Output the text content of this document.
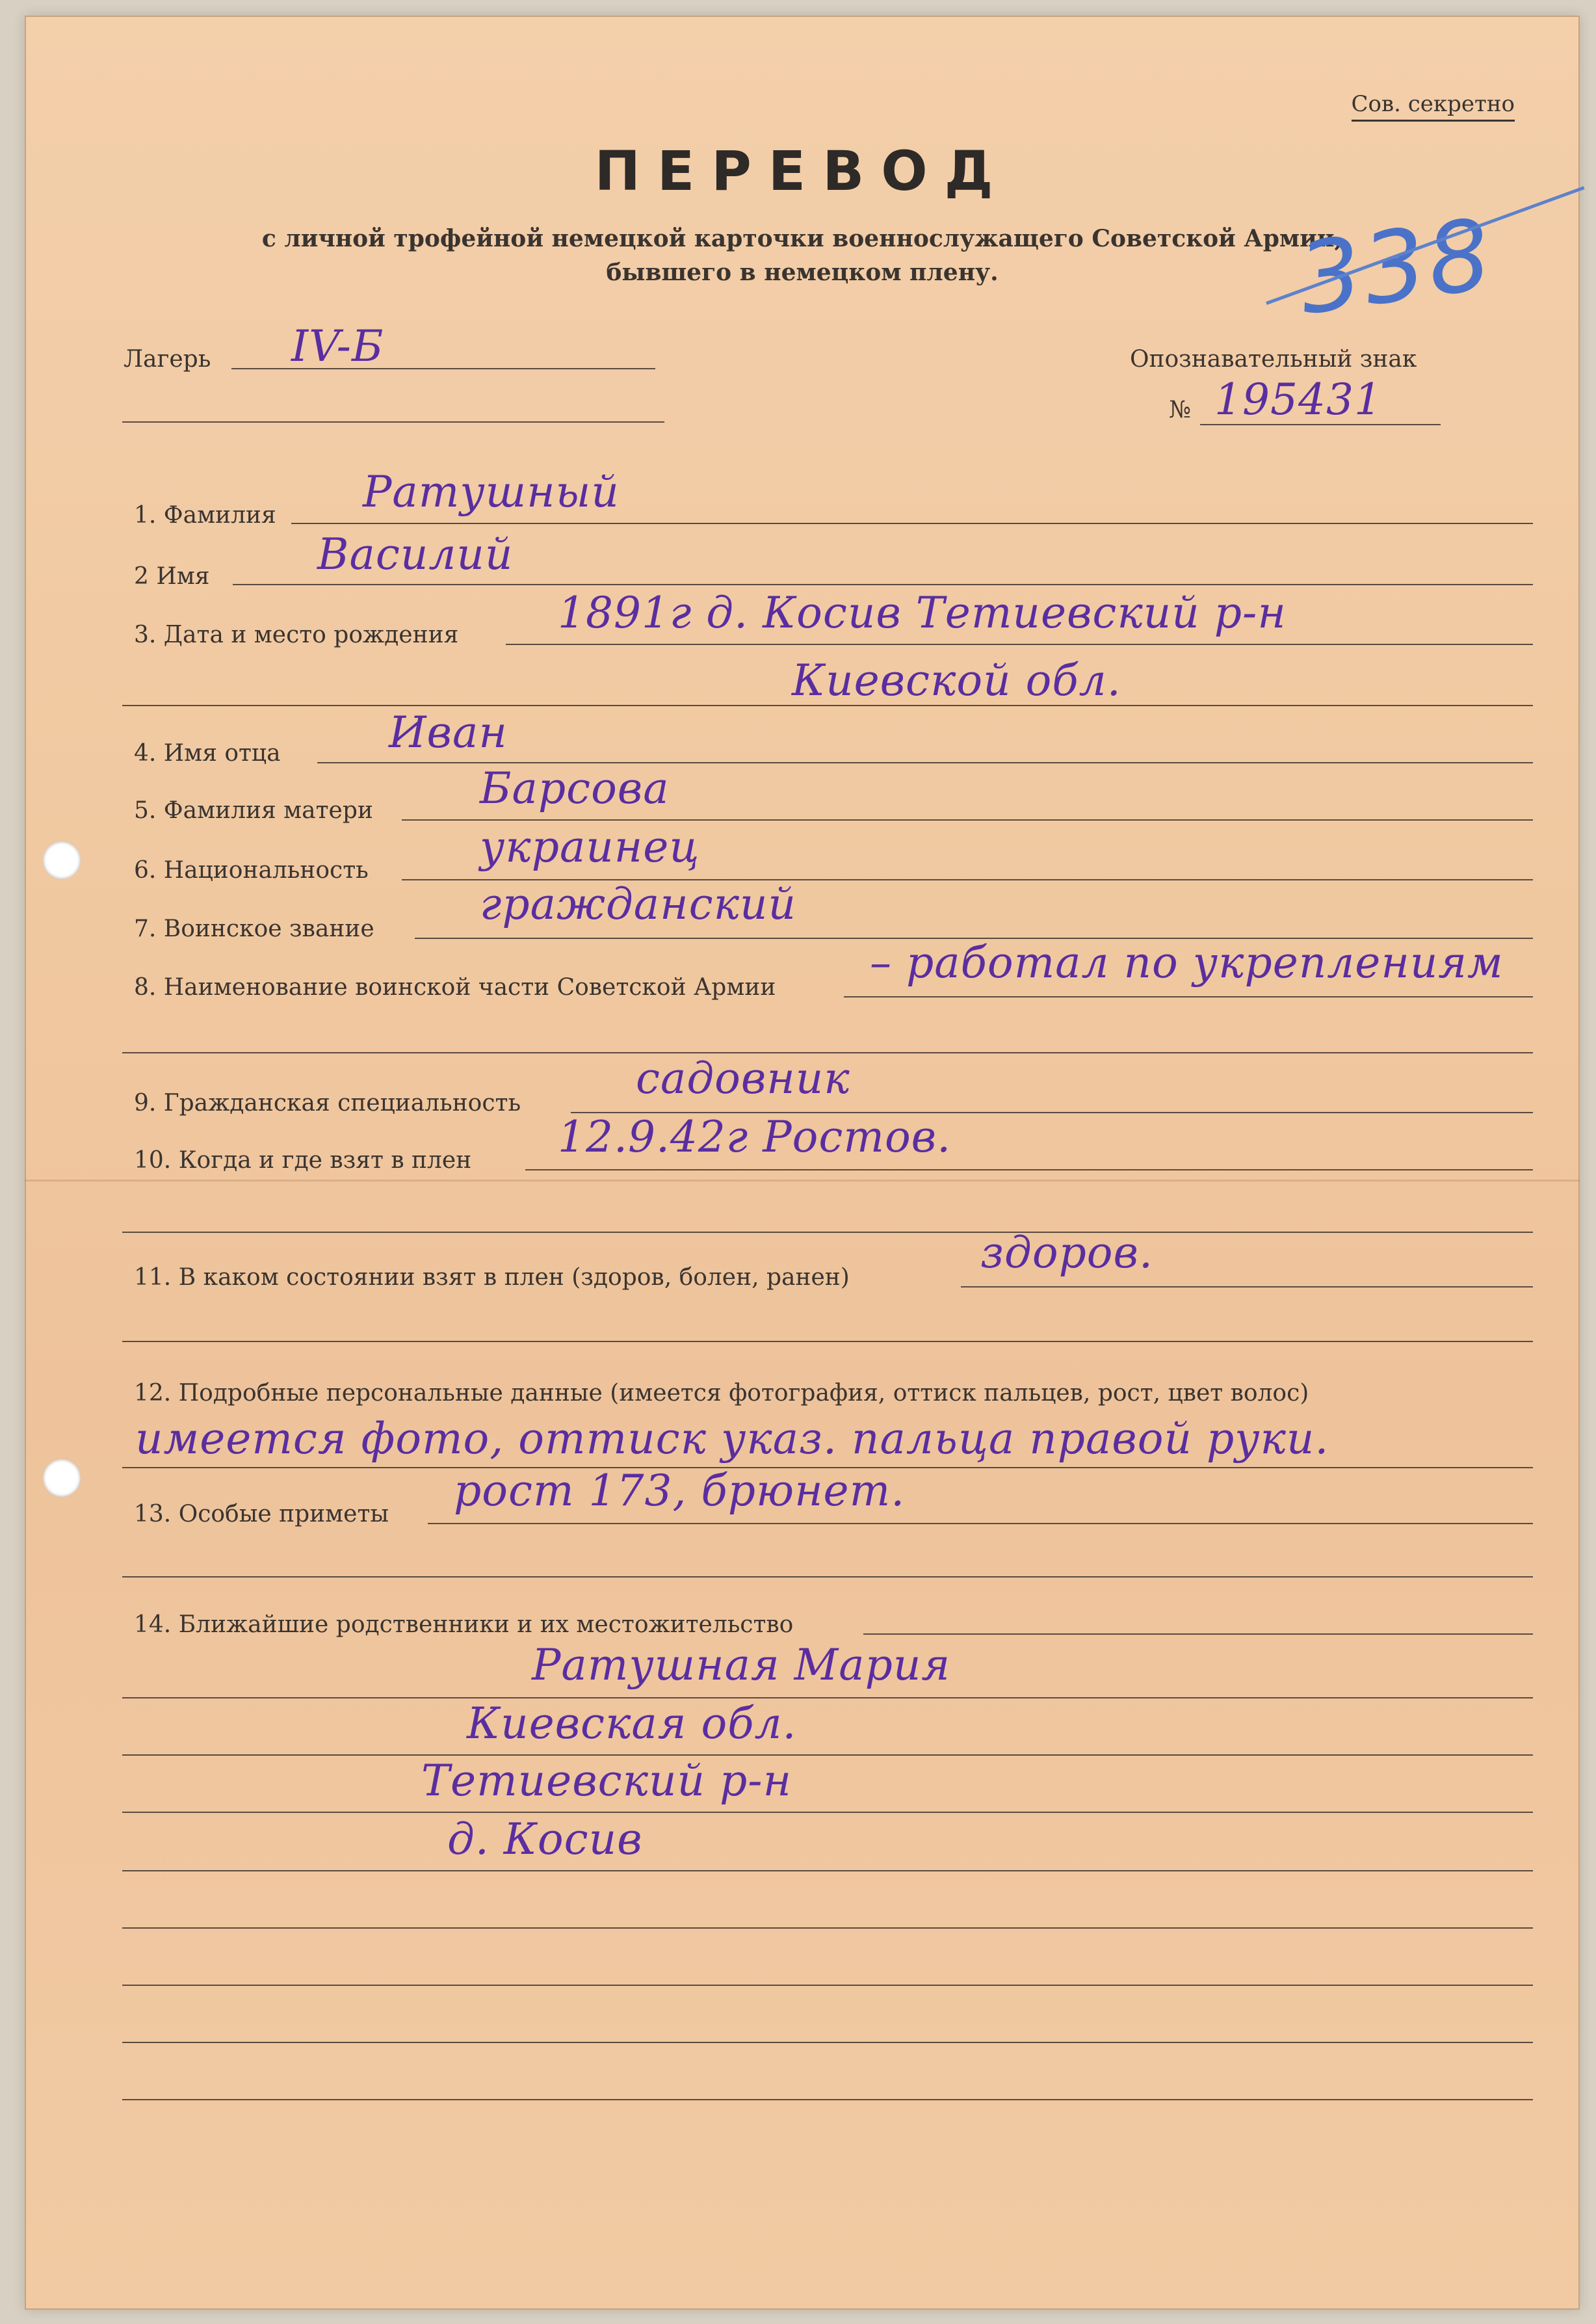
Сов. секретно
ПЕРЕВОД
с личной трофейной немецкой карточки военнослужащего Советской Армии,
бывшего в немецком плену.	338
Лагерь IV-Б	Опознавательный знак
№ 195431
1. Фамилия Ратушный
2 Имя	Василий
3. Дата и место рождения 1891г д. Косив Тетиевский р-н
Киевской обл.
4. Имя отца	Иван
5. Фамилия матери Барсова
6. Национальность	украинец
7. Воинское звание гражданский
8. Наименование воинской части Советской Армии – работал по укреплениям
9. Гражданская специальность	садовник
10. Когда и где взят в плен 12.9.42г Ростов.
11. В каком состоянии взят в плен (здоров, болен, ранен)	здоров.
12. Подробные персональные данные (имеется фотография, оттиск пальцев, рост, цвет волос)
имеется фото, оттиск указ. пальца правой руки.
13. Особые приметы рост 173, брюнет.
14. Ближайшие родственники и их местожительство
Ратушная Мария
Киевская обл.
Тетиевский р-н
д. Косив
